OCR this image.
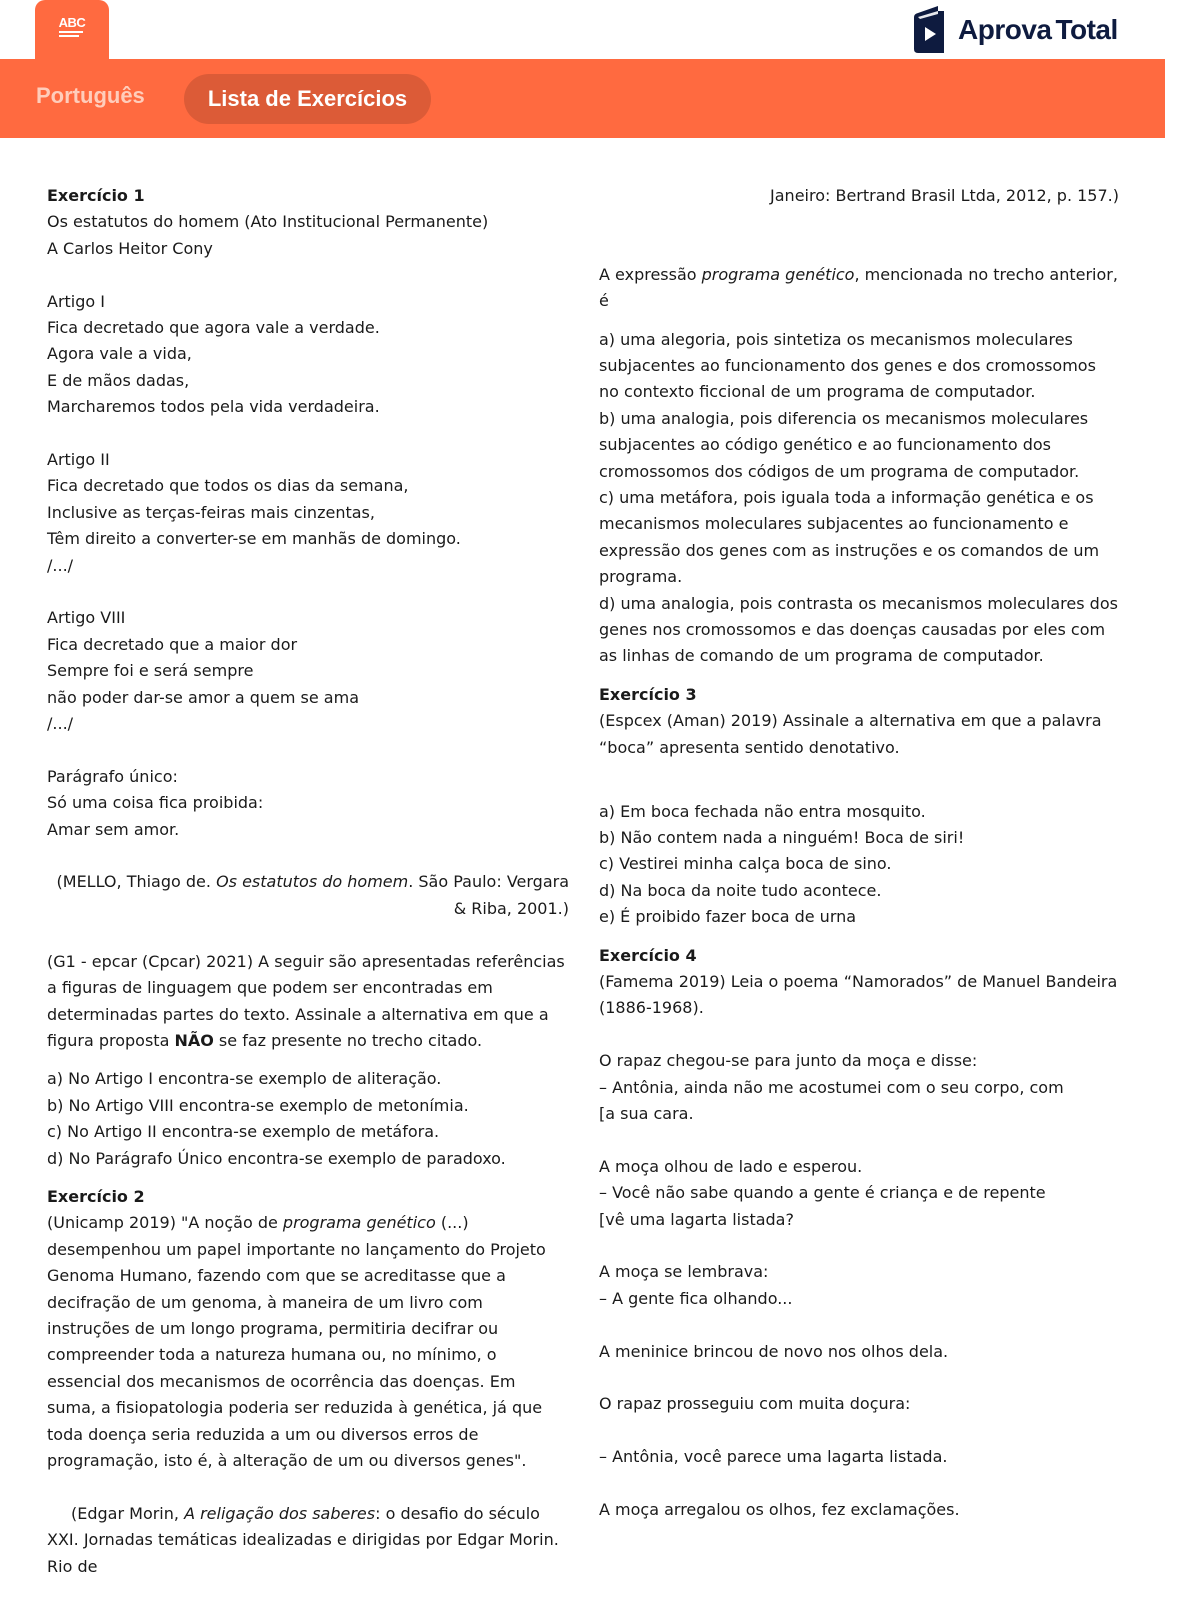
ABC	Aprova Total
Português	Lista de Exercícios
Exercício 1
Os estatutos do homem (Ato Institucional Permanente)
A Carlos Heitor Cony
Artigo I
Fica decretado que agora vale a verdade.
Agora vale a vida,
E de mãos dadas,
Marcharemos todos pela vida verdadeira.
Artigo II
Fica decretado que todos os dias da semana,
Inclusive as terças-feiras mais cinzentas,
Têm direito a converter-se em manhãs de domingo.
/.../
Artigo VIII
Fica decretado que a maior dor
Sempre foi e será sempre
não poder dar-se amor a quem se ama
/.../
Parágrafo único:
Só uma coisa fica proibida:
Amar sem amor.
(MELLO, Thiago de. Os estatutos do homem. São Paulo: Vergara & Riba, 2001.)
(G1 - epcar (Cpcar) 2021) A seguir são apresentadas referências a figuras de linguagem que podem ser encontradas em determinadas partes do texto. Assinale a alternativa em que a figura proposta NÃO se faz presente no trecho citado.
a) No Artigo I encontra-se exemplo de aliteração.
b) No Artigo VIII encontra-se exemplo de metonímia.
c) No Artigo II encontra-se exemplo de metáfora.
d) No Parágrafo Único encontra-se exemplo de paradoxo.
Exercício 2
(Unicamp 2019) "A noção de programa genético (...) desempenhou um papel importante no lançamento do Projeto Genoma Humano, fazendo com que se acreditasse que a decifração de um genoma, à maneira de um livro com instruções de um longo programa, permitiria decifrar ou compreender toda a natureza humana ou, no mínimo, o essencial dos mecanismos de ocorrência das doenças. Em suma, a fisiopatologia poderia ser reduzida à genética, já que toda doença seria reduzida a um ou diversos erros de programação, isto é, à alteração de um ou diversos genes".
(Edgar Morin, A religação dos saberes: o desafio do século XXI. Jornadas temáticas idealizadas e dirigidas por Edgar Morin. Rio de
Janeiro: Bertrand Brasil Ltda, 2012, p. 157.)
A expressão programa genético, mencionada no trecho anterior, é
a) uma alegoria, pois sintetiza os mecanismos moleculares subjacentes ao funcionamento dos genes e dos cromossomos no contexto ficcional de um programa de computador.
b) uma analogia, pois diferencia os mecanismos moleculares subjacentes ao código genético e ao funcionamento dos cromossomos dos códigos de um programa de computador.
c) uma metáfora, pois iguala toda a informação genética e os mecanismos moleculares subjacentes ao funcionamento e expressão dos genes com as instruções e os comandos de um programa.
d) uma analogia, pois contrasta os mecanismos moleculares dos genes nos cromossomos e das doenças causadas por eles com as linhas de comando de um programa de computador.
Exercício 3
(Espcex (Aman) 2019) Assinale a alternativa em que a palavra “boca” apresenta sentido denotativo.
a) Em boca fechada não entra mosquito.
b) Não contem nada a ninguém! Boca de siri!
c) Vestirei minha calça boca de sino.
d) Na boca da noite tudo acontece.
e) É proibido fazer boca de urna
Exercício 4
(Famema 2019) Leia o poema “Namorados” de Manuel Bandeira (1886-1968).
O rapaz chegou-se para junto da moça e disse:
– Antônia, ainda não me acostumei com o seu corpo, com
[a sua cara.
A moça olhou de lado e esperou.
– Você não sabe quando a gente é criança e de repente
[vê uma lagarta listada?
A moça se lembrava:
– A gente fica olhando...
A meninice brincou de novo nos olhos dela.
O rapaz prosseguiu com muita doçura:
– Antônia, você parece uma lagarta listada.
A moça arregalou os olhos, fez exclamações.
